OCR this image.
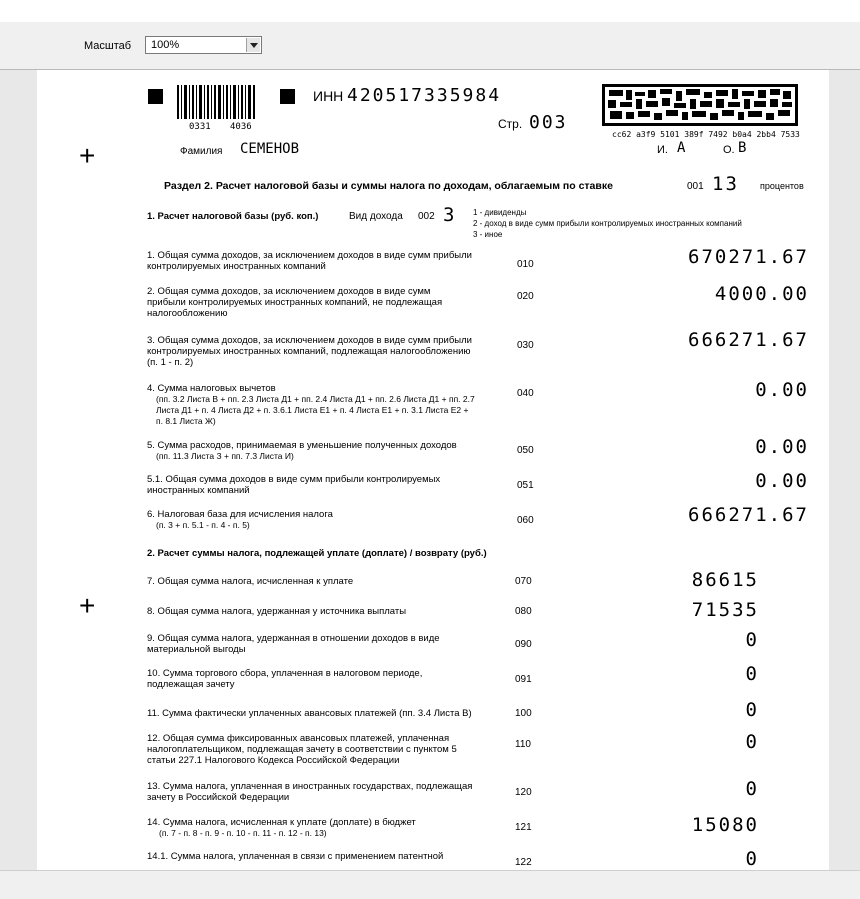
Масштаб 100%
0331 4036
ИНН 420517335984
Стр. 003
cc62 a3f9 5101 389f 7492 b0a4 2bb4 7533
Фамилия СЕМЕНОВ	И. А	О. В
+
+
Раздел 2. Расчет налоговой базы и суммы налога по доходам, облагаемым по ставке	001 13 процентов
1. Расчет налоговой базы (руб. коп.)	Вид дохода 002 3 1 - дивиденды
2 - доход в виде сумм прибыли контролируемых иностранных компаний
3 - иное
1. Общая сумма доходов, за исключением доходов в виде сумм прибыли
контролируемых иностранных компаний	010	670271.67
2. Общая сумма доходов, за исключением доходов в виде сумм
прибыли контролируемых иностранных компаний, не подлежащая
налогообложению
020	4000.00
3. Общая сумма доходов, за исключением доходов в виде сумм прибыли
контролируемых иностранных компаний, подлежащая налогообложению
(п. 1 - п. 2)
030	666271.67
4. Сумма налоговых вычетов
(пп. 3.2 Листа В + пп. 2.3 Листа Д1 + пп. 2.4 Листа Д1 + пп. 2.6 Листа Д1 + пп. 2.7
Листа Д1 + п. 4 Листа Д2 + п. 3.6.1 Листа Е1 + п. 4 Листа Е1 + п. 3.1 Листа Е2 +
п. 8.1 Листа Ж)
040	0.00
5. Сумма расходов, принимаемая в уменьшение полученных доходов
(пп. 11.3 Листа З + пп. 7.3 Листа И)	050	0.00
5.1. Общая сумма доходов в виде сумм прибыли контролируемых
иностранных компаний	051	0.00
6. Налоговая база для исчисления налога
(п. 3 + п. 5.1 - п. 4 - п. 5)	060	666271.67
2. Расчет суммы налога, подлежащей уплате (доплате) / возврату (руб.)
7. Общая сумма налога, исчисленная к уплате	070	86615
8. Общая сумма налога, удержанная у источника выплаты	080	71535
9. Общая сумма налога, удержанная в отношении доходов в виде
материальной выгоды	090	0
10. Сумма торгового сбора, уплаченная в налоговом периоде,
подлежащая зачету	091	0
11. Сумма фактически уплаченных авансовых платежей (пп. 3.4 Листа В)	100	0
12. Общая сумма фиксированных авансовых платежей, уплаченная
налогоплательщиком, подлежащая зачету в соответствии с пунктом 5
статьи 227.1 Налогового Кодекса Российской Федерации
110	0
13. Сумма налога, уплаченная в иностранных государствах, подлежащая
зачету в Российской Федерации	120	0
14. Сумма налога, исчисленная к уплате (доплате) в бюджет
(п. 7 - п. 8 - п. 9 - п. 10 - п. 11 - п. 12 - п. 13)	121	15080
14.1. Сумма налога, уплаченная в связи с применением патентной
122	0
